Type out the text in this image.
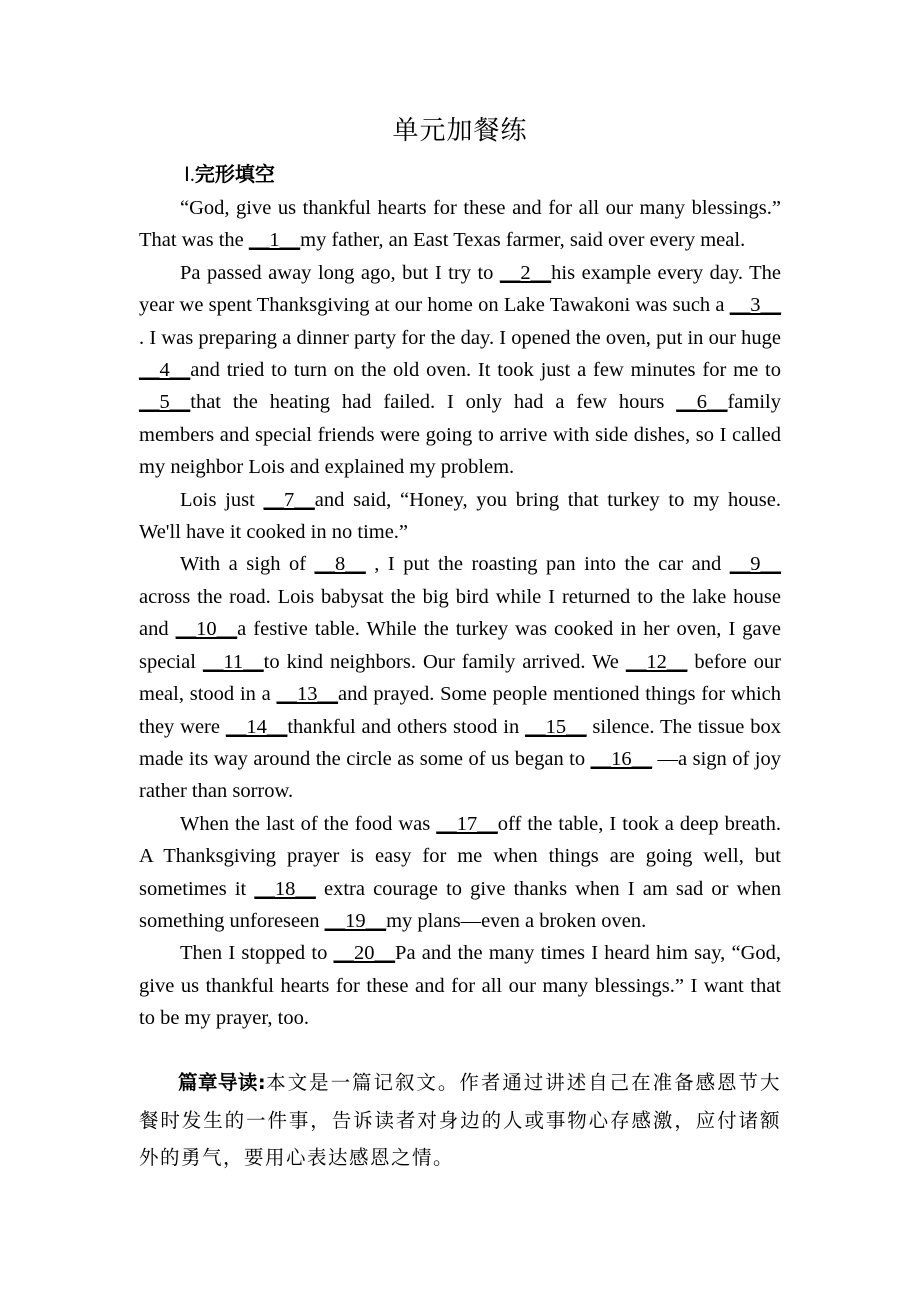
单元加餐练
Ⅰ.完形填空

“God, give us thankful hearts for these and for all our many blessings.” That was the __1__my father, an East Texas farmer, said over every meal.

Pa passed away long ago, but I try to __2__his example every day. The year we spent Thanksgiving at our home on Lake Tawakoni was such a __3__ . I was preparing a dinner party for the day. I opened the oven, put in our huge __4__and tried to turn on the old oven. It took just a few minutes for me to __5__that the heating had failed. I only had a few hours __6__family members and special friends were going to arrive with side dishes, so I called my neighbor Lois and explained my problem.

Lois just __7__and said, “Honey, you bring that turkey to my house. We'll have it cooked in no time.”

With a sigh of __8__ , I put the roasting pan into the car and __9__ across the road. Lois babysat the big bird while I returned to the lake house and __10__a festive table. While the turkey was cooked in her oven, I gave special __11__to kind neighbors. Our family arrived. We __12__ before our meal, stood in a __13__and prayed. Some people mentioned things for which they were __14__thankful and others stood in __15__ silence. The tissue box made its way around the circle as some of us began to __16__ —a sign of joy rather than sorrow.

When the last of the food was __17__off the table, I took a deep breath. A Thanksgiving prayer is easy for me when things are going well, but sometimes it __18__ extra courage to give thanks when I am sad or when something unforeseen __19__my plans—even a broken oven.

Then I stopped to __20__Pa and the many times I heard him say, “God, give us thankful hearts for these and for all our many blessings.” I want that to be my prayer, too.

篇章导读:本文是一篇记叙文。作者通过讲述自己在准备感恩节大餐时发生的一件事，告诉读者对身边的人或事物心存感激，应付诸额外的勇气，要用心表达感恩之情。
